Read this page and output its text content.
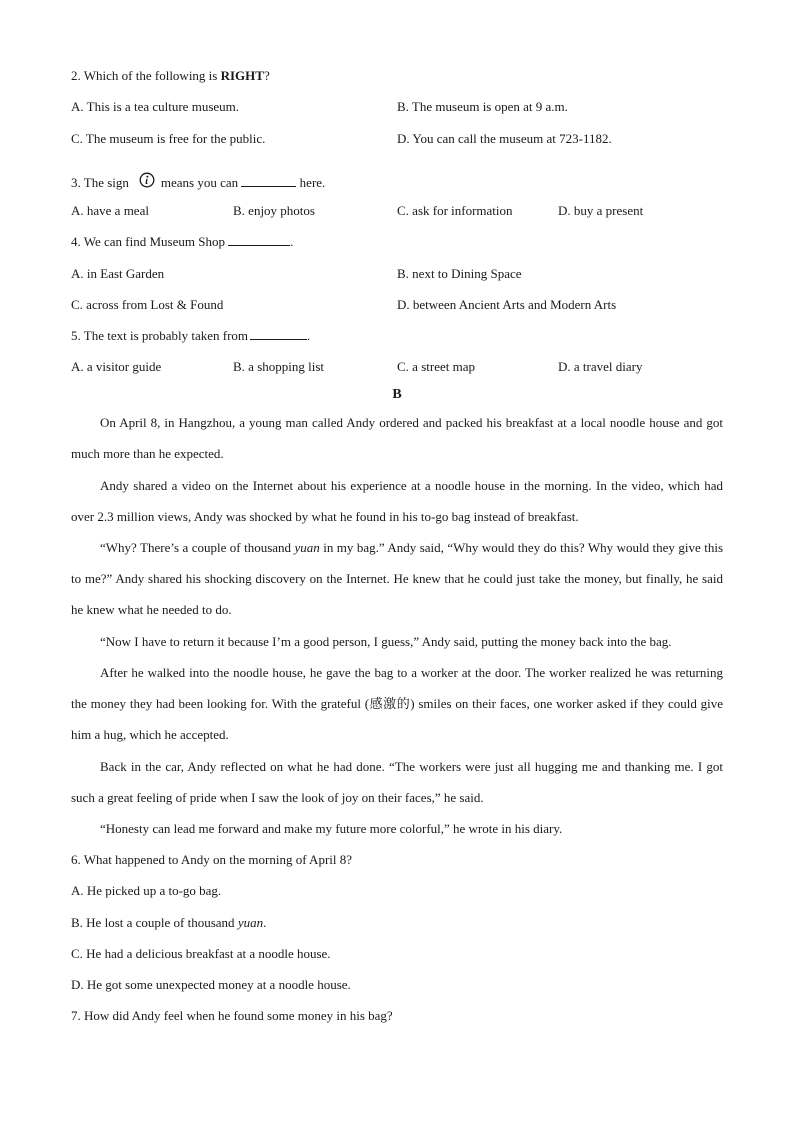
2. Which of the following is RIGHT?
A. This is a tea culture museum.	B. The museum is open at 9 a.m.
C. The museum is free for the public.	D. You can call the museum at 723-1182.
3. The sign means you can	here.
A. have a meal	B. enjoy photos	C. ask for information	D. buy a present
4. We can find Museum Shop	.
A. in East Garden	B. next to Dining Space
C. across from Lost & Found	D. between Ancient Arts and Modern Arts
5. The text is probably taken from	.
A. a visitor guide	B. a shopping list	C. a street map	D. a travel diary
B
On April 8, in Hangzhou, a young man called Andy ordered and packed his breakfast at a local noodle house and got much more than he expected.
Andy shared a video on the Internet about his experience at a noodle house in the morning. In the video, which had over 2.3 million views, Andy was shocked by what he found in his to-go bag instead of breakfast.
“Why? There’s a couple of thousand yuan in my bag.” Andy said, “Why would they do this? Why would they give this to me?” Andy shared his shocking discovery on the Internet. He knew that he could just take the money, but finally, he said he knew what he needed to do.
“Now I have to return it because I’m a good person, I guess,” Andy said, putting the money back into the bag.
After he walked into the noodle house, he gave the bag to a worker at the door. The worker realized he was returning the money they had been looking for. With the grateful (感激的) smiles on their faces, one worker asked if they could give him a hug, which he accepted.
Back in the car, Andy reflected on what he had done. “The workers were just all hugging me and thanking me. I got such a great feeling of pride when I saw the look of joy on their faces,” he said.
“Honesty can lead me forward and make my future more colorful,” he wrote in his diary.
6. What happened to Andy on the morning of April 8?
A. He picked up a to-go bag.
B. He lost a couple of thousand yuan.
C. He had a delicious breakfast at a noodle house.
D. He got some unexpected money at a noodle house.
7. How did Andy feel when he found some money in his bag?
